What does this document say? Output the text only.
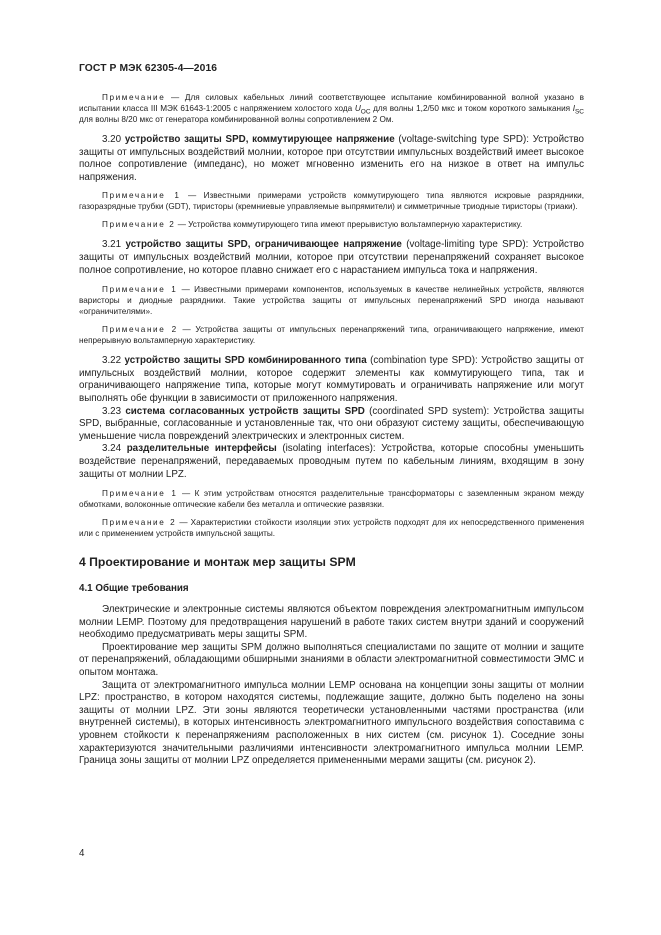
ГОСТ Р МЭК 62305-4—2016

Примечание — Для силовых кабельных линий соответствующее испытание комбинированной волной указано в испытании класса III МЭК 61643-1:2005 с напряжением холостого хода $U_{OC}$ для волны 1,2/50 мкс и током короткого замыкания $I_{SC}$ для волны 8/20 мкс от генератора комбинированной волны сопротивлением 2 Ом.

3.20 устройство защиты SPD, коммутирующее напряжение (voltage-switching type SPD): Устройство защиты от импульсных воздействий молнии, которое при отсутствии импульсных воздействий имеет высокое полное сопротивление (импеданс), но может мгновенно изменить его на низкое в ответ на импульс напряжения.

Примечание 1 — Известными примерами устройств коммутирующего типа являются искровые разрядники, газоразрядные трубки (GDT), тиристоры (кремниевые управляемые выпрямители) и симметричные триодные тиристоры (триаки).

Примечание 2 — Устройства коммутирующего типа имеют прерывистую вольтамперную характеристику.

3.21 устройство защиты SPD, ограничивающее напряжение (voltage-limiting type SPD): Устройство защиты от импульсных воздействий молнии, которое при отсутствии перенапряжений сохраняет высокое полное сопротивление, но которое плавно снижает его с нарастанием импульса тока и напряжения.

Примечание 1 — Известными примерами компонентов, используемых в качестве нелинейных устройств, являются варисторы и диодные разрядники. Такие устройства защиты от импульсных перенапряжений SPD иногда называют «ограничителями».

Примечание 2 — Устройства защиты от импульсных перенапряжений типа, ограничивающего напряжение, имеют непрерывную вольтамперную характеристику.

3.22 устройство защиты SPD комбинированного типа (combination type SPD): Устройство защиты от импульсных воздействий молнии, которое содержит элементы как коммутирующего типа, так и ограничивающего напряжение типа, которые могут коммутировать и ограничивать напряжение или могут выполнять обе функции в зависимости от приложенного напряжения.

3.23 система согласованных устройств защиты SPD (coordinated SPD system): Устройства защиты SPD, выбранные, согласованные и установленные так, что они образуют систему защиты, обеспечивающую уменьшение числа повреждений электрических и электронных систем.

3.24 разделительные интерфейсы (isolating interfaces): Устройства, которые способны уменьшить воздействие перенапряжений, передаваемых проводным путем по кабельным линиям, входящим в зону защиты от молнии LPZ.

Примечание 1 — К этим устройствам относятся разделительные трансформаторы с заземленным экраном между обмотками, волоконные оптические кабели без металла и оптические развязки.

Примечание 2 — Характеристики стойкости изоляции этих устройств подходят для их непосредственного применения или с применением устройств импульсной защиты.

4 Проектирование и монтаж мер защиты SPM

4.1 Общие требования

Электрические и электронные системы являются объектом повреждения электромагнитным импульсом молнии LEMP. Поэтому для предотвращения нарушений в работе таких систем внутри зданий и сооружений необходимо предусматривать меры защиты SPM.

Проектирование мер защиты SPM должно выполняться специалистами по защите от молнии и защите от перенапряжений, обладающими обширными знаниями в области электромагнитной совместимости ЭМС и опытом монтажа.

Защита от электромагнитного импульса молнии LEMP основана на концепции зоны защиты от молнии LPZ: пространство, в котором находятся системы, подлежащие защите, должно быть поделено на зоны защиты от молнии LPZ. Эти зоны являются теоретически установленными частями пространства (или внутренней системы), в которых интенсивность электромагнитного импульсного воздействия сопоставима с уровнем стойкости к перенапряжениям расположенных в них систем (см. рисунок 1). Соседние зоны характеризуются значительными различиями интенсивности электромагнитного импульса молнии LEMP. Граница зоны защиты от молнии LPZ определяется примененными мерами защиты (см. рисунок 2).

4
